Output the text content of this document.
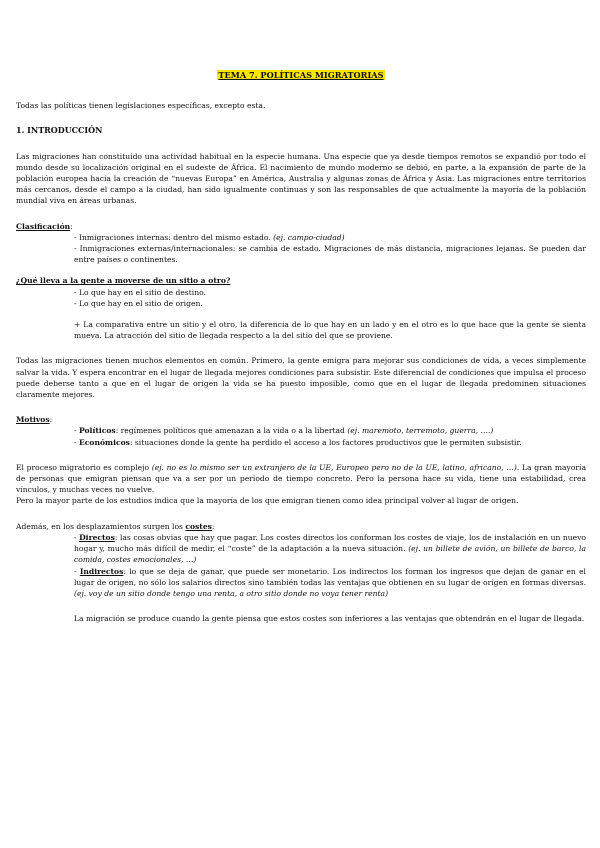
TEMA 7. POLÍTICAS MIGRATORIAS

Todas las políticas tienen legislaciones específicas, excepto esta.

1. INTRODUCCIÓN

Las migraciones han constituido una actividad habitual en la especie humana. Una especie que ya desde tiempos remotos se expandió por todo el mundo desde su localización original en el sudeste de África. El nacimiento de mundo moderno se debió, en parte, a la expansión de parte de la población europea hacia la creación de “nuevas Europa” en América, Australia y algunas zonas de África y Asia. Las migraciones entre territorios más cercanos, desde el campo a la ciudad, han sido igualmente continuas y son las responsables de que actualmente la mayoría de la población mundial viva en áreas urbanas.

Clasificación:

- Inmigraciones internas: dentro del mismo estado. (ej. campo-ciudad)

- Inmigraciones externas/internacionales: se cambia de estado. Migraciones de más distancia, migraciones lejanas. Se pueden dar entre países o continentes.

¿Qué lleva a la gente a moverse de un sitio a otro?

- Lo que hay en el sitio de destino.

- Lo que hay en el sitio de origen.

+ La comparativa entre un sitio y el otro, la diferencia de lo que hay en un lado y en el otro es lo que hace que la gente se sienta mueva. La atracción del sitio de llegada respecto a la del sitio del que se proviene.

Todas las migraciones tienen muchos elementos en común. Primero, la gente emigra para mejorar sus condiciones de vida, a veces simplemente salvar la vida. Y espera encontrar en el lugar de llegada mejores condiciones para subsistir. Este diferencial de condiciones que impulsa el proceso puede deberse tanto a que en el lugar de origen la vida se ha puesto imposible, como que en el lugar de llegada predominen situaciones claramente mejores.

Motivos:

- Políticos: regímenes políticos que amenazan a la vida o a la libertad (ej. maremoto, terremoto, guerra, ….)

- Económicos: situaciones donde la gente ha perdido el acceso a los factores productivos que le permiten subsistir.

El proceso migratorio es complejo (ej. no es lo mismo ser un extranjero de la UE, Europeo pero no de la UE, latino, africano, …). La gran mayoría de personas que emigran piensan que va a ser por un periodo de tiempo concreto. Pero la persona hace su vida, tiene una estabilidad, crea vínculos, y muchas veces no vuelve.

Pero la mayor parte de los estudios indica que la mayoría de los que emigran tienen como idea principal volver al lugar de origen.

Además, en los desplazamientos surgen los costes:

- Directos: las cosas obvias que hay que pagar. Los costes directos los conforman los costes de viaje, los de instalación en un nuevo hogar y, mucho más difícil de medir, el “coste” de la adaptación a la nueva situación. (ej. un billete de avión, un billete de barco, la comida, costes emocionales, …)

- Indirectos: lo que se deja de ganar, que puede ser monetario. Los indirectos los forman los ingresos que dejan de ganar en el lugar de origen, no sólo los salarios directos sino también todas las ventajas que obtienen en su lugar de origen en formas diversas. (ej. voy de un sitio donde tengo una renta, a otro sitio donde no voya tener renta)

La migración se produce cuando la gente piensa que estos costes son inferiores a las ventajas que obtendrán en el lugar de llegada.
